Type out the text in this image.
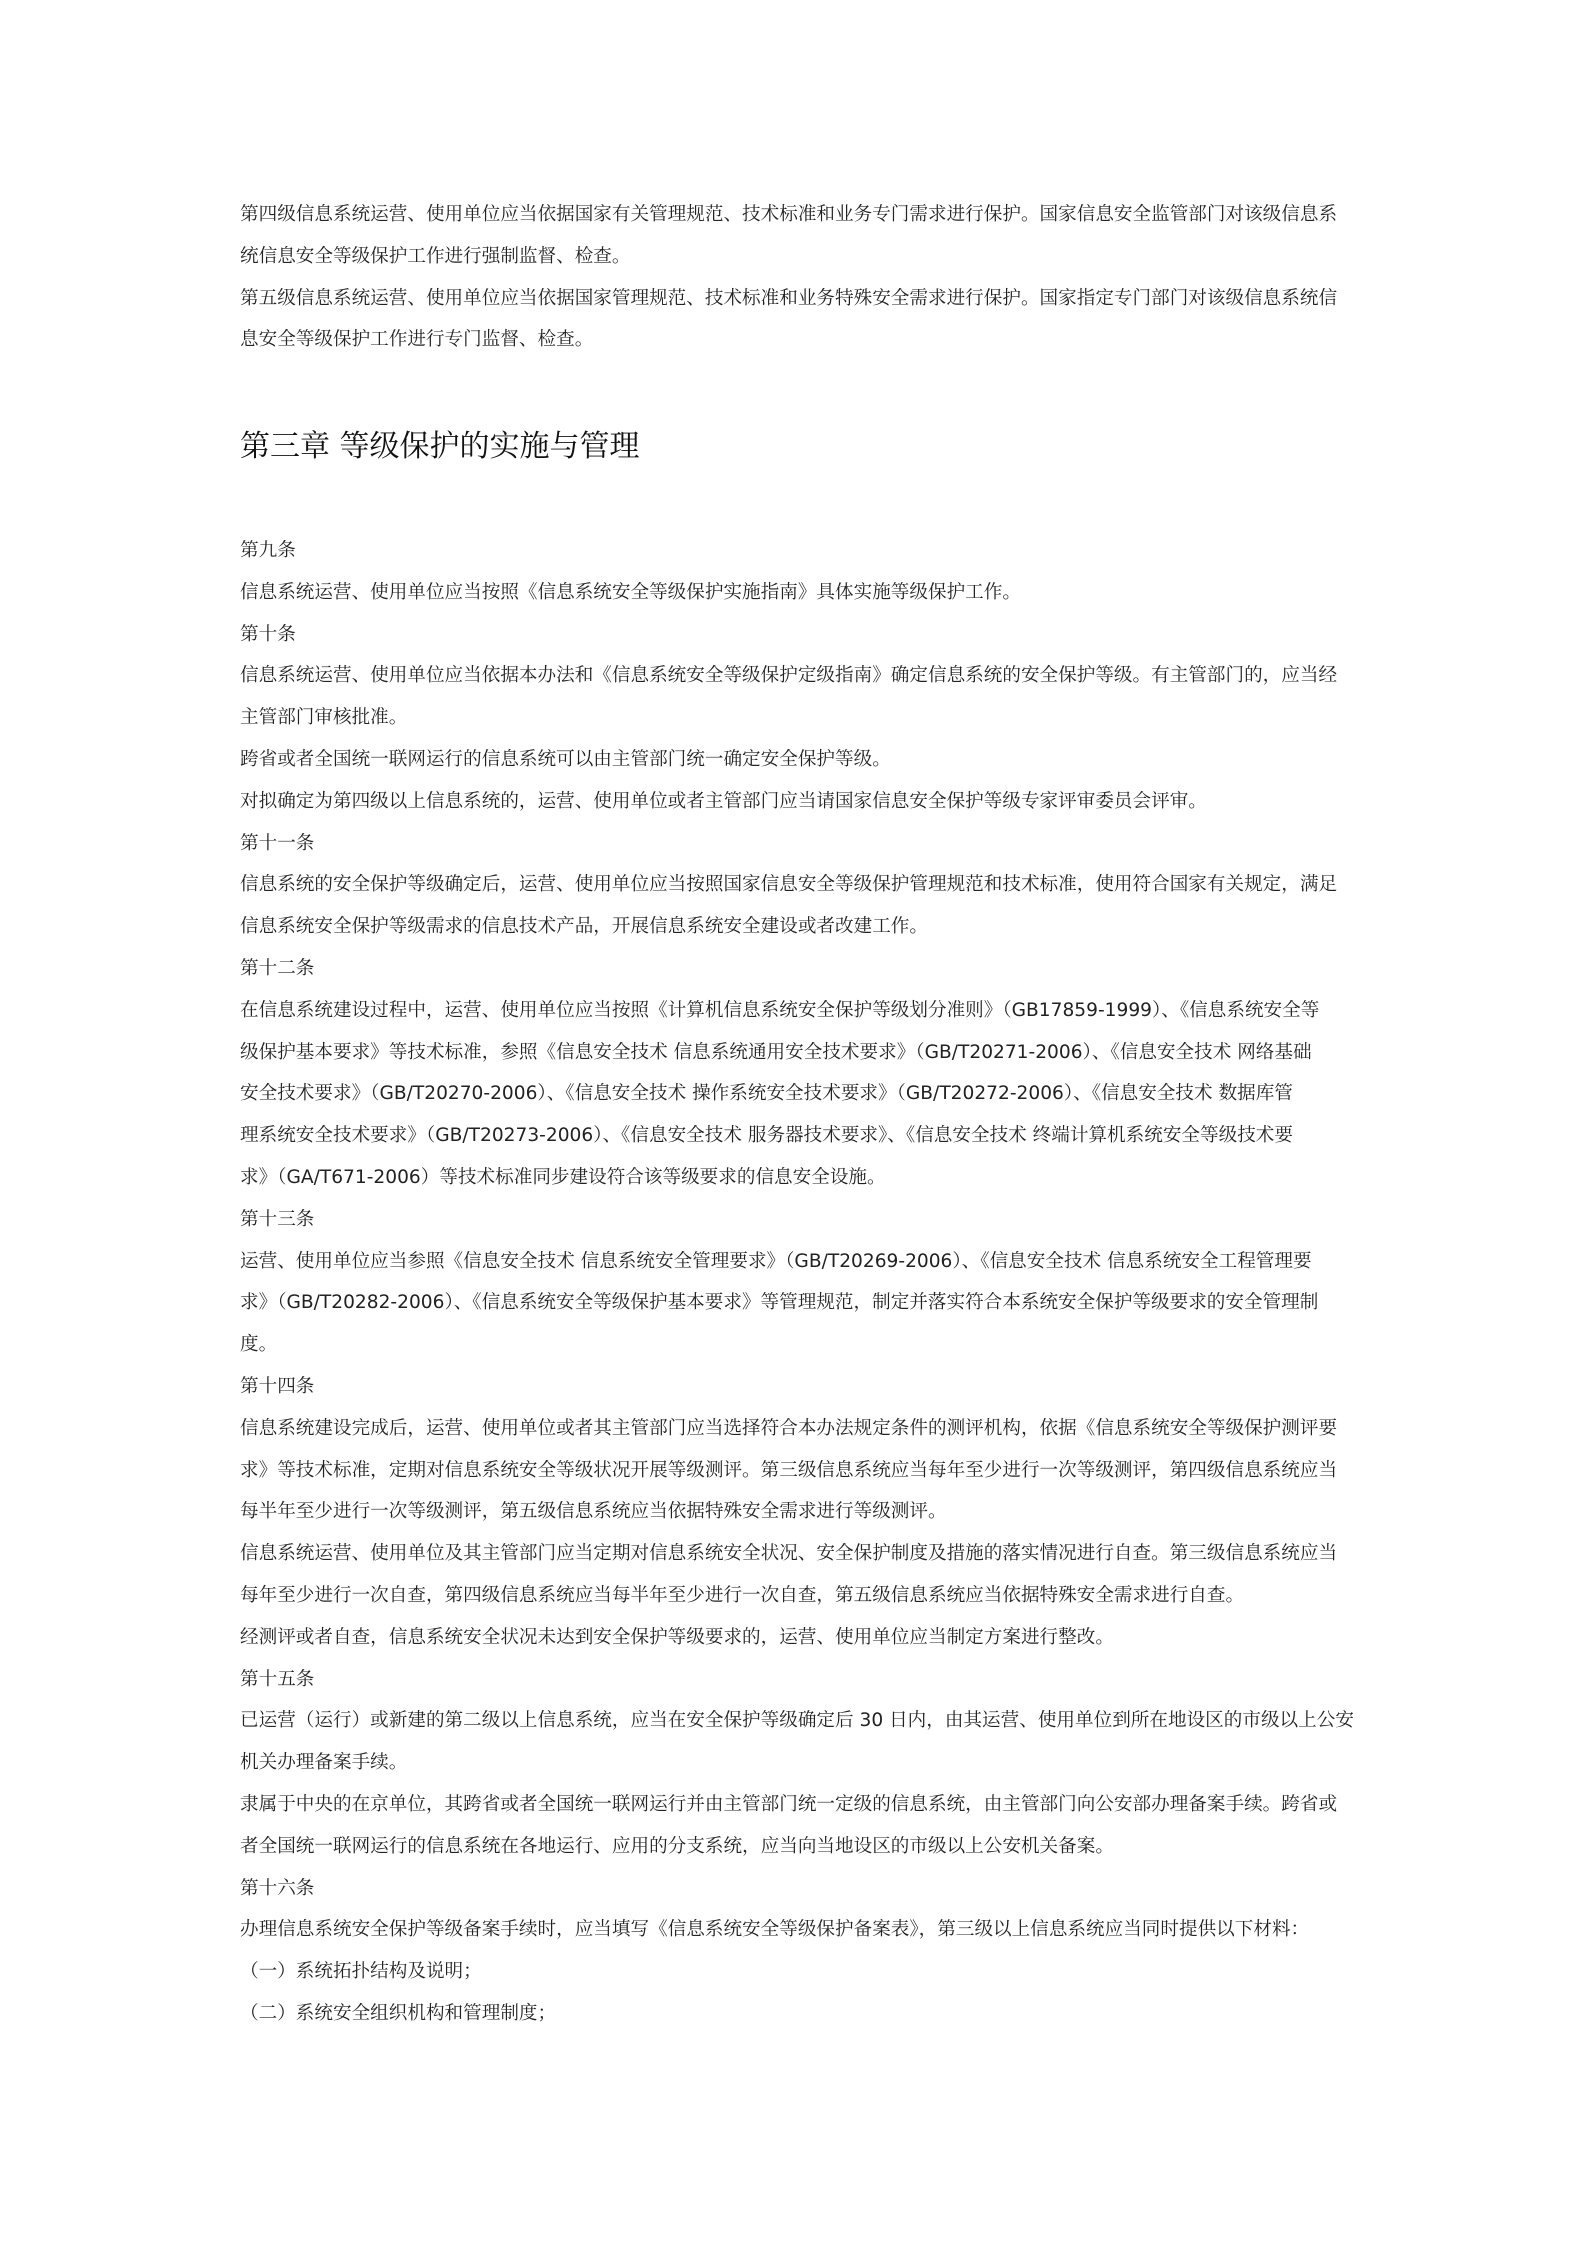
第四级信息系统运营、使用单位应当依据国家有关管理规范、技术标准和业务专门需求进行保护。国家信息安全监管部门对该级信息系
统信息安全等级保护工作进行强制监督、检查。
第五级信息系统运营、使用单位应当依据国家管理规范、技术标准和业务特殊安全需求进行保护。国家指定专门部门对该级信息系统信
息安全等级保护工作进行专门监督、检查。
第三章 等级保护的实施与管理
第九条
信息系统运营、使用单位应当按照《信息系统安全等级保护实施指南》具体实施等级保护工作。
第十条
信息系统运营、使用单位应当依据本办法和《信息系统安全等级保护定级指南》确定信息系统的安全保护等级。有主管部门的，应当经
主管部门审核批准。
跨省或者全国统一联网运行的信息系统可以由主管部门统一确定安全保护等级。
对拟确定为第四级以上信息系统的，运营、使用单位或者主管部门应当请国家信息安全保护等级专家评审委员会评审。
第十一条
信息系统的安全保护等级确定后，运营、使用单位应当按照国家信息安全等级保护管理规范和技术标准，使用符合国家有关规定，满足
信息系统安全保护等级需求的信息技术产品，开展信息系统安全建设或者改建工作。
第十二条
在信息系统建设过程中，运营、使用单位应当按照《计算机信息系统安全保护等级划分准则》（GB17859-1999）、《信息系统安全等
级保护基本要求》等技术标准，参照《信息安全技术 信息系统通用安全技术要求》（GB/T20271-2006）、《信息安全技术 网络基础
安全技术要求》（GB/T20270-2006）、《信息安全技术 操作系统安全技术要求》（GB/T20272-2006）、《信息安全技术 数据库管
理系统安全技术要求》（GB/T20273-2006）、《信息安全技术 服务器技术要求》、《信息安全技术 终端计算机系统安全等级技术要
求》（GA/T671-2006）等技术标准同步建设符合该等级要求的信息安全设施。
第十三条
运营、使用单位应当参照《信息安全技术 信息系统安全管理要求》（GB/T20269-2006）、《信息安全技术 信息系统安全工程管理要
求》（GB/T20282-2006）、《信息系统安全等级保护基本要求》等管理规范，制定并落实符合本系统安全保护等级要求的安全管理制
度。
第十四条
信息系统建设完成后，运营、使用单位或者其主管部门应当选择符合本办法规定条件的测评机构，依据《信息系统安全等级保护测评要
求》等技术标准，定期对信息系统安全等级状况开展等级测评。第三级信息系统应当每年至少进行一次等级测评，第四级信息系统应当
每半年至少进行一次等级测评，第五级信息系统应当依据特殊安全需求进行等级测评。
信息系统运营、使用单位及其主管部门应当定期对信息系统安全状况、安全保护制度及措施的落实情况进行自查。第三级信息系统应当
每年至少进行一次自查，第四级信息系统应当每半年至少进行一次自查，第五级信息系统应当依据特殊安全需求进行自查。
经测评或者自查，信息系统安全状况未达到安全保护等级要求的，运营、使用单位应当制定方案进行整改。
第十五条
已运营（运行）或新建的第二级以上信息系统，应当在安全保护等级确定后 30 日内，由其运营、使用单位到所在地设区的市级以上公安
机关办理备案手续。
隶属于中央的在京单位，其跨省或者全国统一联网运行并由主管部门统一定级的信息系统，由主管部门向公安部办理备案手续。跨省或
者全国统一联网运行的信息系统在各地运行、应用的分支系统，应当向当地设区的市级以上公安机关备案。
第十六条
办理信息系统安全保护等级备案手续时，应当填写《信息系统安全等级保护备案表》，第三级以上信息系统应当同时提供以下材料：
（一）系统拓扑结构及说明；
（二）系统安全组织机构和管理制度；
